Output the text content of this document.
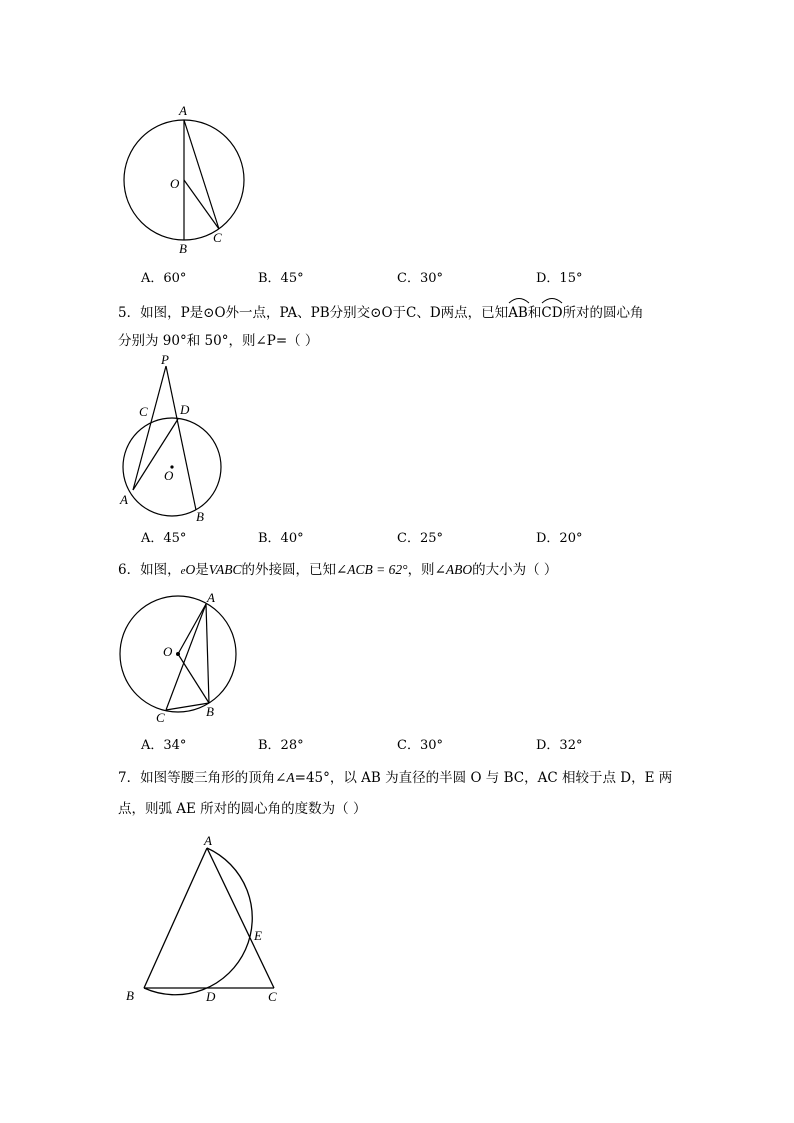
A
O
B
C
A．60°	B．45°	C．30°	D．15°
5．如图，P是⊙O外一点，PA、PB分别交⊙O于C、D两点，已知
AB和
CD所对的圆心角
分别为 90°和 50°，则∠P=（ ）
P
C D
O
A
B
A．45°	B．40°	C．25°	D．20°
6．如图，eO是VABC的外接圆，已知∠ACB = 62°，则∠ABO的大小为（ ）
A
O
C	B
A．34°	B．28°	C．30°	D．32°
7．如图等腰三角形的顶角∠A=45°，以 AB 为直径的半圆 O 与 BC，AC 相较于点 D，E 两
点，则弧 AE 所对的圆心角的度数为（ ）
A
E
B	D	C
